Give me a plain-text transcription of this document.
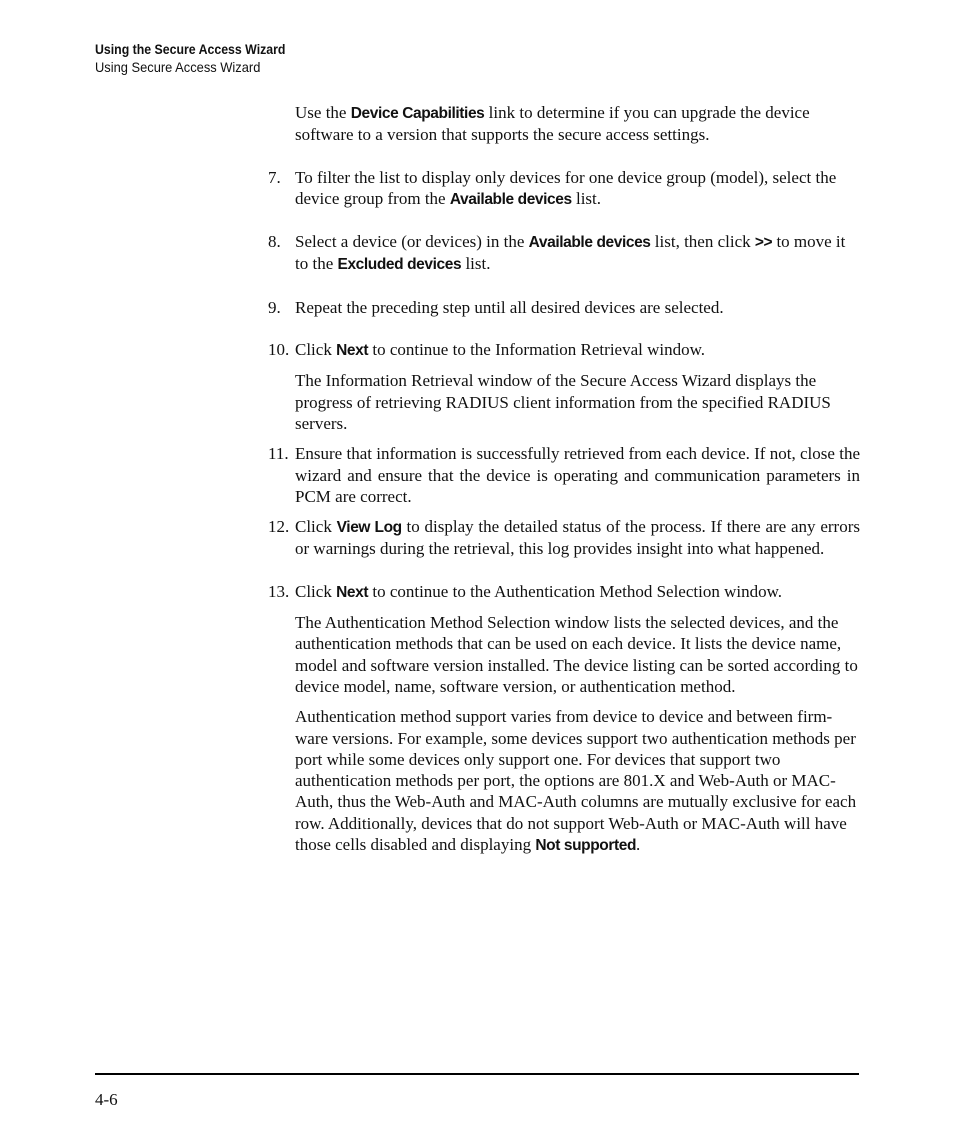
Using the Secure Access Wizard
Using Secure Access Wizard
Use the Device Capabilities link to determine if you can upgrade the device software to a version that supports the secure access settings.
7. To filter the list to display only devices for one device group (model), select the device group from the Available devices list.
8. Select a device (or devices) in the Available devices list, then click >> to move it to the Excluded devices list.
9. Repeat the preceding step until all desired devices are selected.
10. Click Next to continue to the Information Retrieval window.
The Information Retrieval window of the Secure Access Wizard displays the progress of retrieving RADIUS client information from the specified RADIUS servers.
11. Ensure that information is successfully retrieved from each device. If not, close the wizard and ensure that the device is operating and communication parameters in PCM are correct.
12. Click View Log to display the detailed status of the process. If there are any errors or warnings during the retrieval, this log provides insight into what happened.
13. Click Next to continue to the Authentication Method Selection window.
The Authentication Method Selection window lists the selected devices, and the authentication methods that can be used on each device. It lists the device name, model and software version installed. The device listing can be sorted according to device model, name, software version, or authentication method.
Authentication method support varies from device to device and between firm-ware versions. For example, some devices support two authentication methods per port while some devices only support one. For devices that support two authentication methods per port, the options are 801.X and Web-Auth or MAC-Auth, thus the Web-Auth and MAC-Auth columns are mutually exclusive for each row. Additionally, devices that do not support Web-Auth or MAC-Auth will have those cells disabled and displaying Not supported.
4-6
